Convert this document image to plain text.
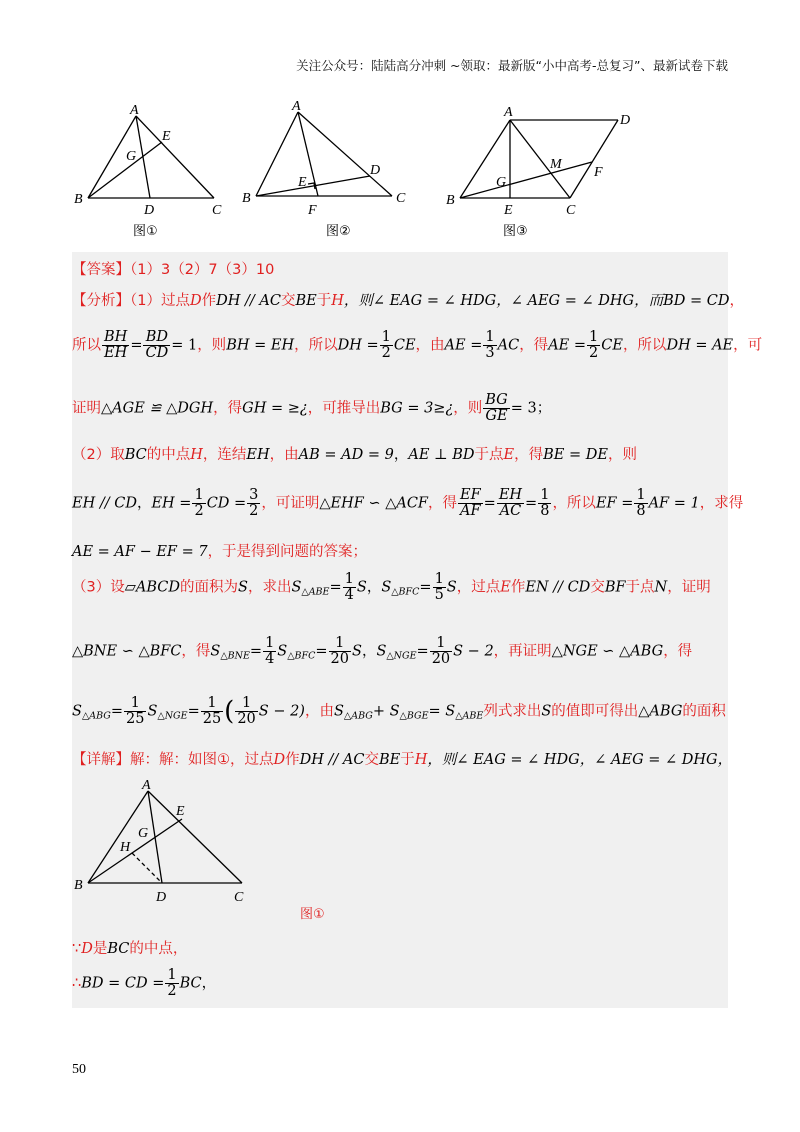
关注公众号：陆陆高分冲刺 ~领取：最新版“小中高考-总复习”、最新试卷下载
A
B
C
D
E
G
图①
A
B	C
D
E
F
图②
A
B
C
D
E
F
G
M
图③
【答案】（1）3（2）7（3）10
【分析】（1）过点D作DH // AC交BE于H，则∠ EAG = ∠ HDG，∠ AEG = ∠ DHG，而BD = CD，
所以 $\frac{BH}{EH} = \frac{BD}{CD} = 1$，则BH = EH，所以DH = $\frac{1}{2}$ CE，由AE = $\frac{1}{3}$ AC，得AE = $\frac{1}{2}$ CE，所以DH = AE，可
证明△AGE ≌ △DGH，得GH = ≥¿，可推导出BG = 3≥¿，则 $\frac{BG}{GE} = 3$；
（2）取BC的中点H，连结EH，由AB = AD = 9，AE ⊥ BD于点E，得BE = DE，则
EH // CD，EH = $\frac{1}{2}$ CD = $\frac{3}{2}$ ，可证明△EHF ∽ △ACF，得 $\frac{EF}{AF} = \frac{EH}{AC} = \frac{1}{8}$ ，所以EF = $\frac{1}{8}$ AF = 1，求得
AE = AF − EF = 7，于是得到问题的答案；
（3）设▱ABCD的面积为S，求出$S_{\triangle ABE}= \frac{1}{4}$ S，$S_{\triangle BFC}= \frac{1}{5}$ S，过点E作EN // CD交BF于点N，证明
△BNE ∽ △BFC，得$S_{\triangle BNE}= \frac{1}{4} S_{\triangle BFC}= \frac{1}{20}$ S，$S_{\triangle NGE}= \frac{1}{20}$ S − 2，再证明△NGE ∽ △ABG，得
$S_{\triangle ABG}= \frac{1}{25} S_{\triangle NGE}= \frac{1}{25}$ ( $\frac{1}{20}$ S − 2)，由$S_{\triangle ABG}+ S_{\triangle BGE}= S_{\triangle ABE}$列式求出S的值即可得出△ABG的面积
【详解】解：解：如图①，过点D作DH // AC交BE于H，则∠ EAG = ∠ HDG，∠ AEG = ∠ DHG，
A
B
C
D
E
G
H
图①
∵D是BC的中点，
∴BD = CD = $\frac{1}{2}$ BC，
50
